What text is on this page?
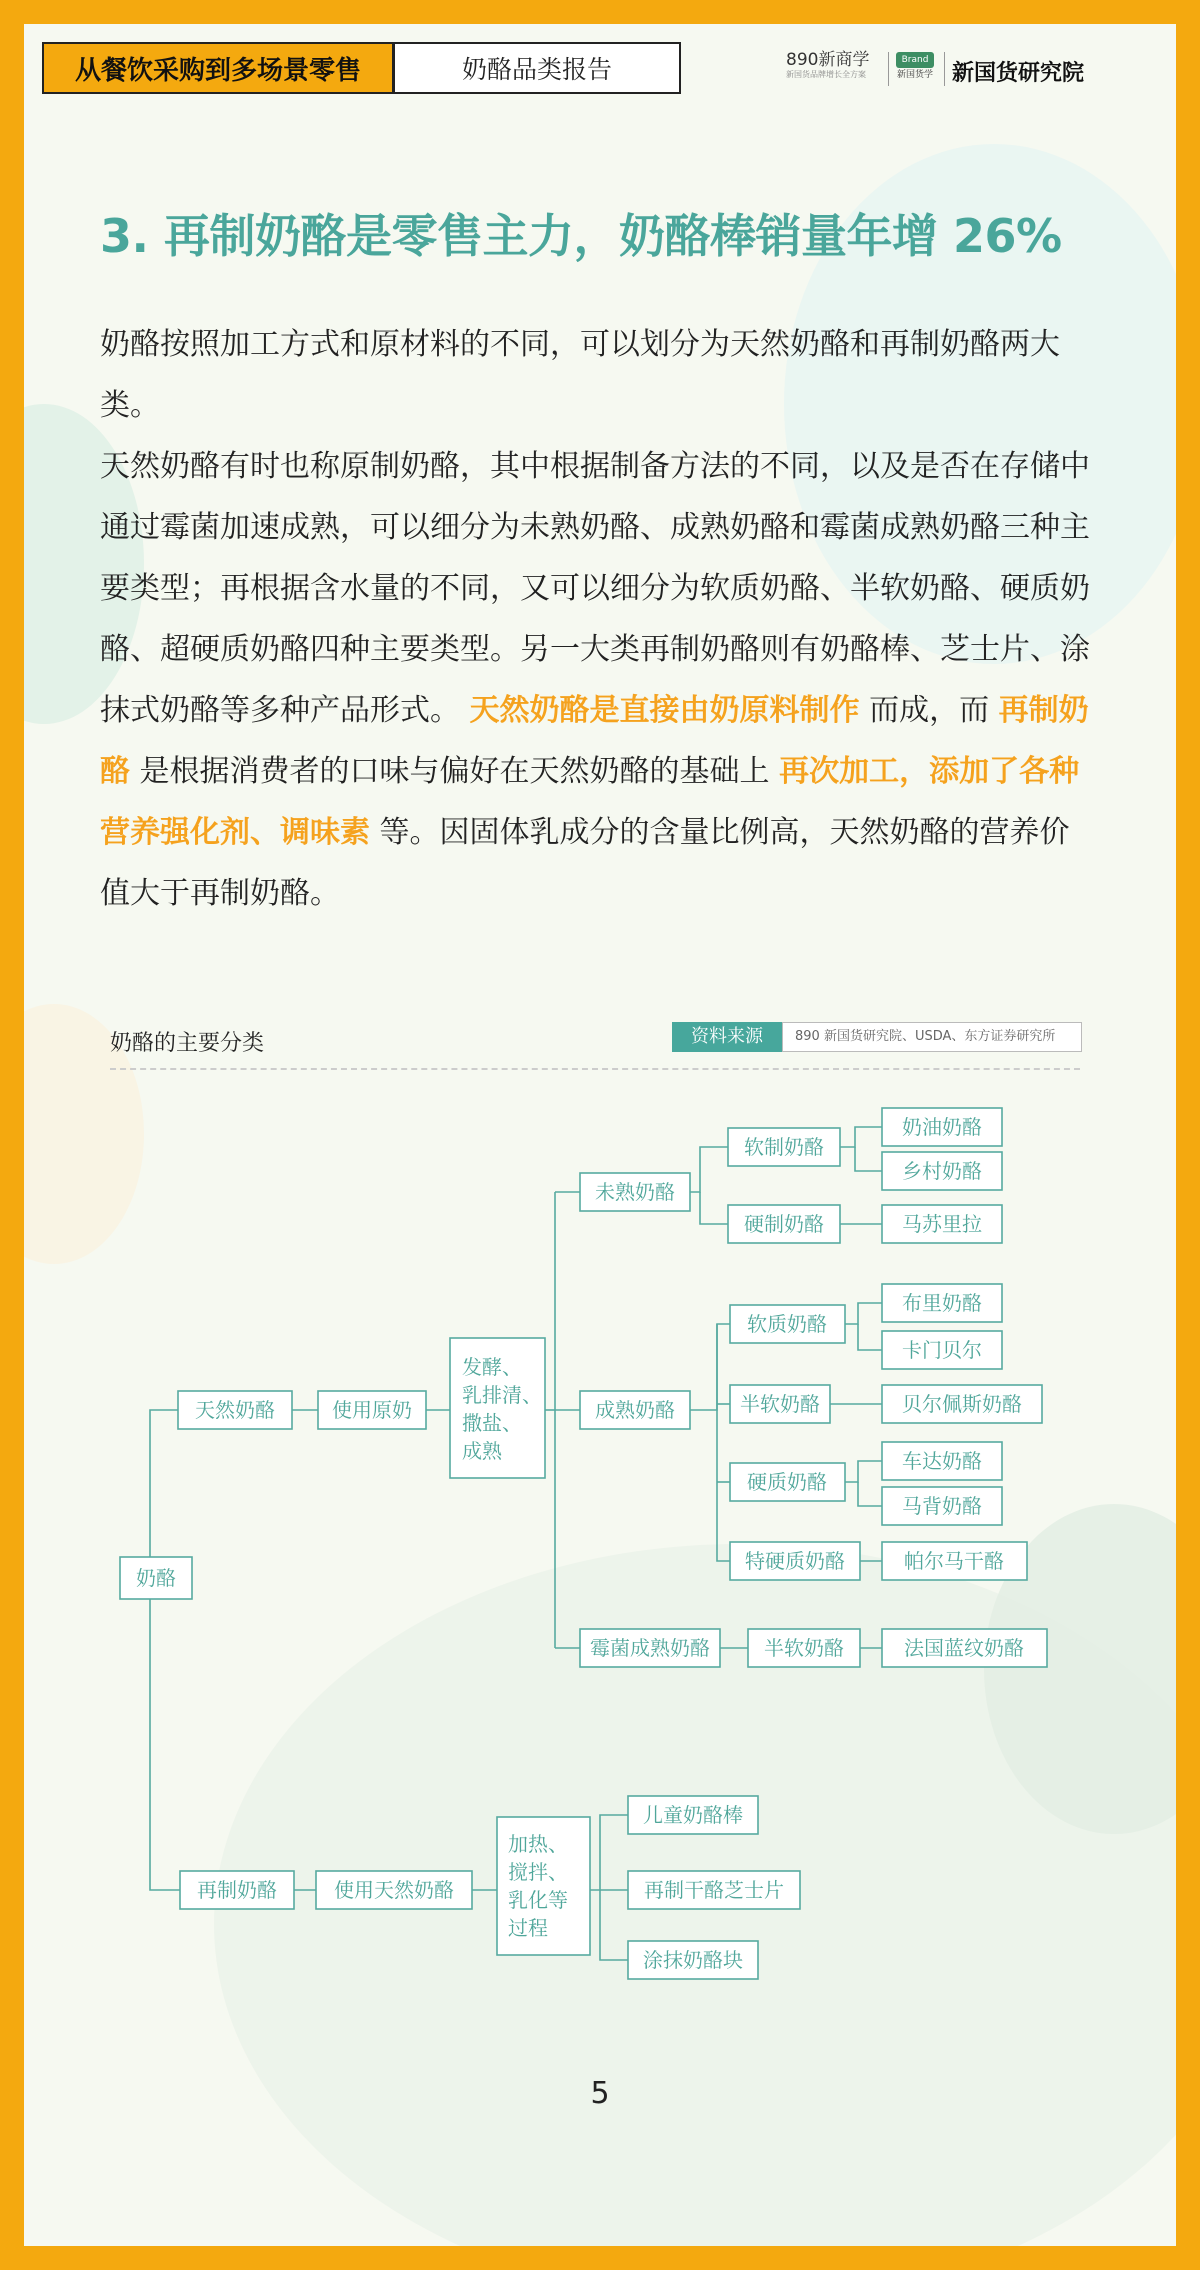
从餐饮采购到多场景零售	奶酪品类报告	890新商学
新国货品牌增长全方案
Brand
新国货学 新国货研究院
3. 再制奶酪是零售主力，奶酪棒销量年增 26%

奶酪按照加工方式和原材料的不同，可以划分为天然奶酪和再制奶酪两大类。

天然奶酪有时也称原制奶酪，其中根据制备方法的不同，以及是否在存储中通过霉菌加速成熟，可以细分为未熟奶酪、成熟奶酪和霉菌成熟奶酪三种主要类型；再根据含水量的不同，又可以细分为软质奶酪、半软奶酪、硬质奶酪、超硬质奶酪四种主要类型。另一大类再制奶酪则有奶酪棒、芝士片、涂抹式奶酪等多种产品形式。 天然奶酪是直接由奶原料制作 而成，而 再制奶酪 是根据消费者的口味与偏好在天然奶酪的基础上 再次加工，添加了各种营养强化剂、调味素 等。因固体乳成分的含量比例高，天然奶酪的营养价值大于再制奶酪。

奶酪的主要分类	资料来源	890 新国货研究院、USDA、东方证券研究所
奶酪
天然奶酪	使用原奶
发酵、
乳排清、
撒盐、
成熟
未熟奶酪
成熟奶酪
霉菌成熟奶酪
软制奶酪
硬制奶酪
奶油奶酪
乡村奶酪
马苏里拉
软质奶酪
半软奶酪
硬质奶酪
特硬质奶酪
布里奶酪
卡门贝尔
贝尔佩斯奶酪
车达奶酪
马背奶酪
帕尔马干酪
半软奶酪	法国蓝纹奶酪
再制奶酪	使用天然奶酪
加热、
搅拌、
乳化等
过程
儿童奶酪棒
再制干酪芝士片
涂抹奶酪块
5
